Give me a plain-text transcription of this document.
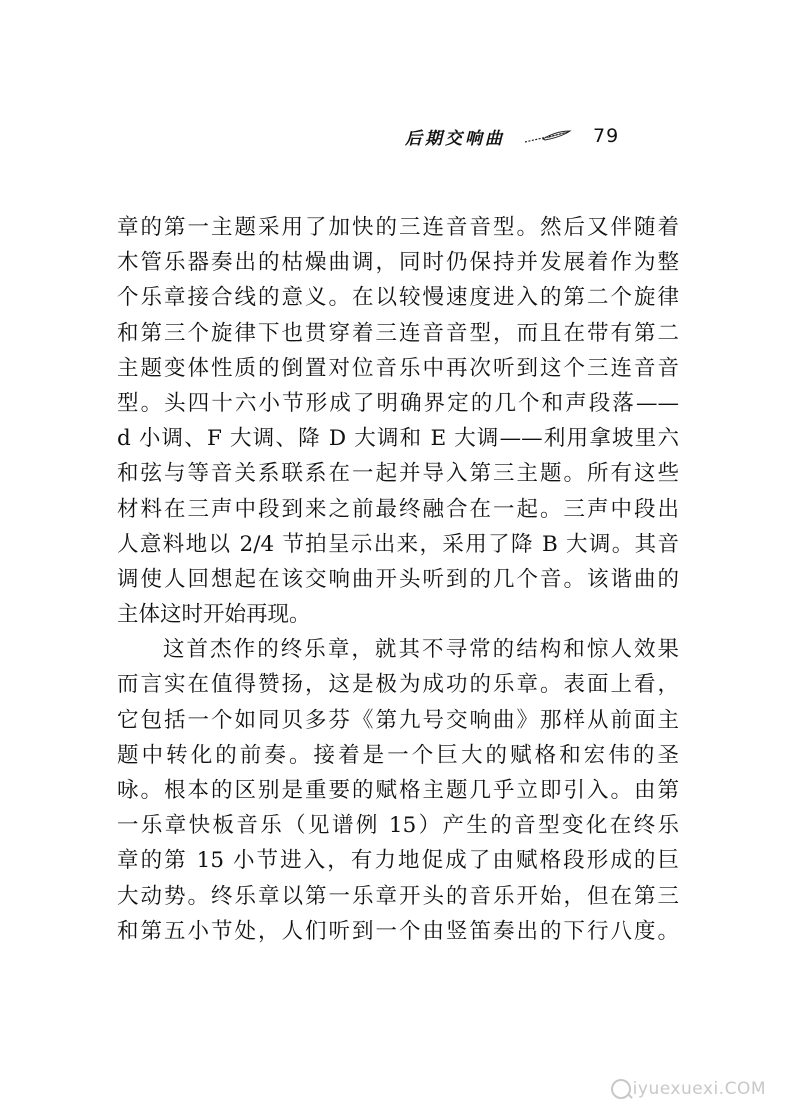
后期交响曲	79
章的第一主题采用了加快的三连音音型。然后又伴随着
木管乐器奏出的枯燥曲调，同时仍保持并发展着作为整
个乐章接合线的意义。在以较慢速度进入的第二个旋律
和第三个旋律下也贯穿着三连音音型，而且在带有第二
主题变体性质的倒置对位音乐中再次听到这个三连音音
型。头四十六小节形成了明确界定的几个和声段落——
d 小调、F 大调、降 D 大调和 E 大调——利用拿坡里六
和弦与等音关系联系在一起并导入第三主题。所有这些
材料在三声中段到来之前最终融合在一起。三声中段出
人意料地以 2/4 节拍呈示出来，采用了降 B 大调。其音
调使人回想起在该交响曲开头听到的几个音。该谐曲的
主体这时开始再现。
这首杰作的终乐章，就其不寻常的结构和惊人效果
而言实在值得赞扬，这是极为成功的乐章。表面上看，
它包括一个如同贝多芬《第九号交响曲》那样从前面主
题中转化的前奏。接着是一个巨大的赋格和宏伟的圣
咏。根本的区别是重要的赋格主题几乎立即引入。由第
一乐章快板音乐（见谱例 15）产生的音型变化在终乐
章的第 15 小节进入，有力地促成了由赋格段形成的巨
大动势。终乐章以第一乐章开头的音乐开始，但在第三
和第五小节处，人们听到一个由竖笛奏出的下行八度。
iyuexuexi.COM
